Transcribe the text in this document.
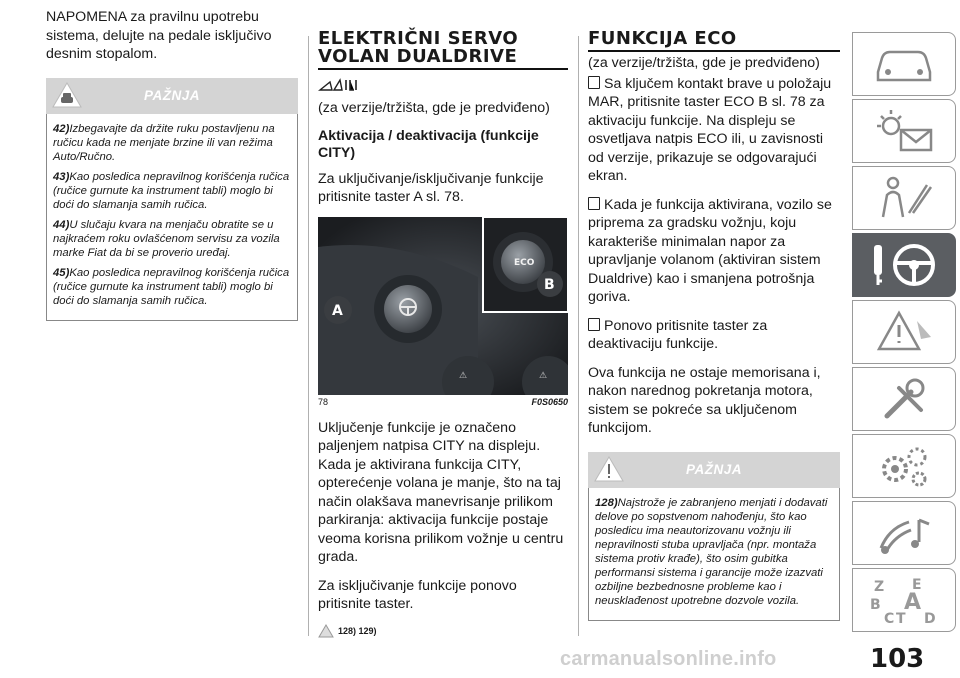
NAPOMENA za pravilnu upotrebu sistema, delujte na pedale isključivo desnim stopalom.

PAŽNJA

42)Izbegavajte da držite ruku postavljenu na ručicu kada ne menjate brzine ili van režima Auto/Ručno.

43)Kao posledica nepravilnog korišćenja ručica (ručice gurnute ka instrument tabli) moglo bi doći do slamanja samih ručica.

44)U slučaju kvara na menjaču obratite se u najkraćem roku ovlašćenom servisu za vozila marke Fiat da bi se proverio uređaj.

45)Kao posledica nepravilnog korišćenja ručica (ručice gurnute ka instrument tabli) moglo bi doći do slamanja samih ručica.

ELEKTRIČNI SERVO
VOLAN DUALDRIVE

(za verzije/tržišta, gde je predviđeno)

Aktivacija / deaktivacija (funkcije CITY)

Za uključivanje/isključivanje funkcije pritisnite taster A sl. 78.

⚠	⚠
ECO
A
B
78	F0S0650

Uključenje funkcije je označeno paljenjem natpisa CITY na displeju. Kada je aktivirana funkcija CITY, opterećenje volana je manje, što na taj način olakšava manevrisanje prilikom parkiranja: aktivacija funkcije postaje veoma korisna prilikom vožnje u centru grada.

Za isključivanje funkcije ponovo pritisnite taster.

128) 129)
FUNKCIJA ECO

(za verzije/tržišta, gde je predviđeno)

Sa ključem kontakt brave u položaju MAR, pritisnite taster ECO B sl. 78 za aktivaciju funkcije. Na displeju se osvetljava natpis ECO ili, u zavisnosti od verzije, prikazuje se odgovarajući ekran.

Kada je funkcija aktivirana, vozilo se priprema za gradsku vožnju, koju karakteriše minimalan napor za upravljanje volanom (aktiviran sistem Dualdrive) kao i smanjena potrošnja goriva.

Ponovo pritisnite taster za deaktivaciju funkcije.

Ova funkcija ne ostaje memorisana i, nakon narednog pokretanja motora, sistem se pokreće sa uključenom funkcijom.

PAŽNJA

128)Najstrože je zabranjeno menjati i dodavati delove po sopstvenom nahođenju, što kao posledicu ima neautorizovanu vožnju ili nepravilnosti stuba upravljača (npr. montaža sistema protiv krađe), što osim gubitka performansi sistema i garancije može izazvati ozbiljne bezbednosne probleme kao i neusklađenost upotrebne dozvole vozila.

Z E
B A
C T D
103
carmanualsonline.info
